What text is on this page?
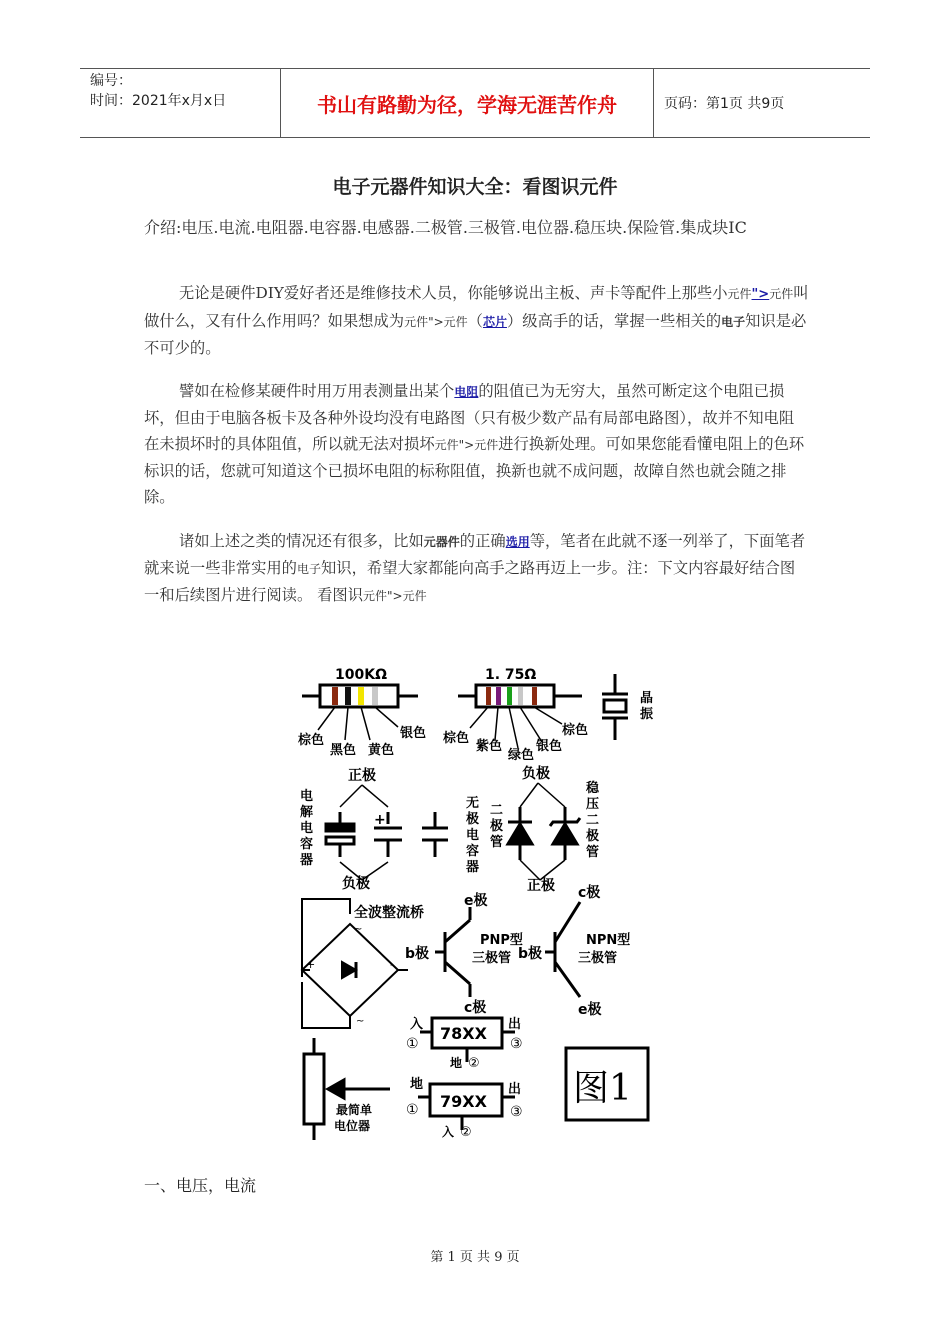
编号：
时间：2021年x月x日	书山有路勤为径，学海无涯苦作舟	页码：第1页 共9页
电子元器件知识大全：看图识元件
介绍:电压.电流.电阻器.电容器.电感器.二极管.三极管.电位器.稳压块.保险管.集成块IC
无论是硬件DIY爱好者还是维修技术人员，你能够说出主板、声卡等配件上那些小元件">元件叫做什么，又有什么作用吗？如果想成为元件">元件（芯片）级高手的话，掌握一些相关的电子知识是必不可少的。
譬如在检修某硬件时用万用表测量出某个电阻的阻值已为无穷大，虽然可断定这个电阻已损坏，但由于电脑各板卡及各种外设均没有电路图（只有极少数产品有局部电路图），故并不知电阻在未损坏时的具体阻值，所以就无法对损坏元件">元件进行换新处理。可如果您能看懂电阻上的色环标识的话，您就可知道这个已损坏电阻的标称阻值，换新也就不成问题，故障自然也就会随之排除。
诸如上述之类的情况还有很多，比如元器件的正确选用等，笔者在此就不逐一列举了，下面笔者就来说一些非常实用的电子知识，希望大家都能向高手之路再迈上一步。注：下文内容最好结合图一和后续图片进行阅读。 看图识元件">元件
100KΩ
棕色
黑色 黄色
银色
1. 75Ω
棕色
紫色
绿色
银色
棕色
晶
振
正极
电
解
电
容
器
+
负极
无
极
电
容
器
负极
二
极
管
稳
压
二
极
管
正极
全波整流桥
+	-
~
~
e极
b极
c极
PNP型
三极管
c极
b极
e极
NPN型
三极管
入
①
78XX 出
③
地 ②
地
① 79XX
出
③
入 ②
最简单
电位器
图1
一、电压，电流
第 1 页 共 9 页
